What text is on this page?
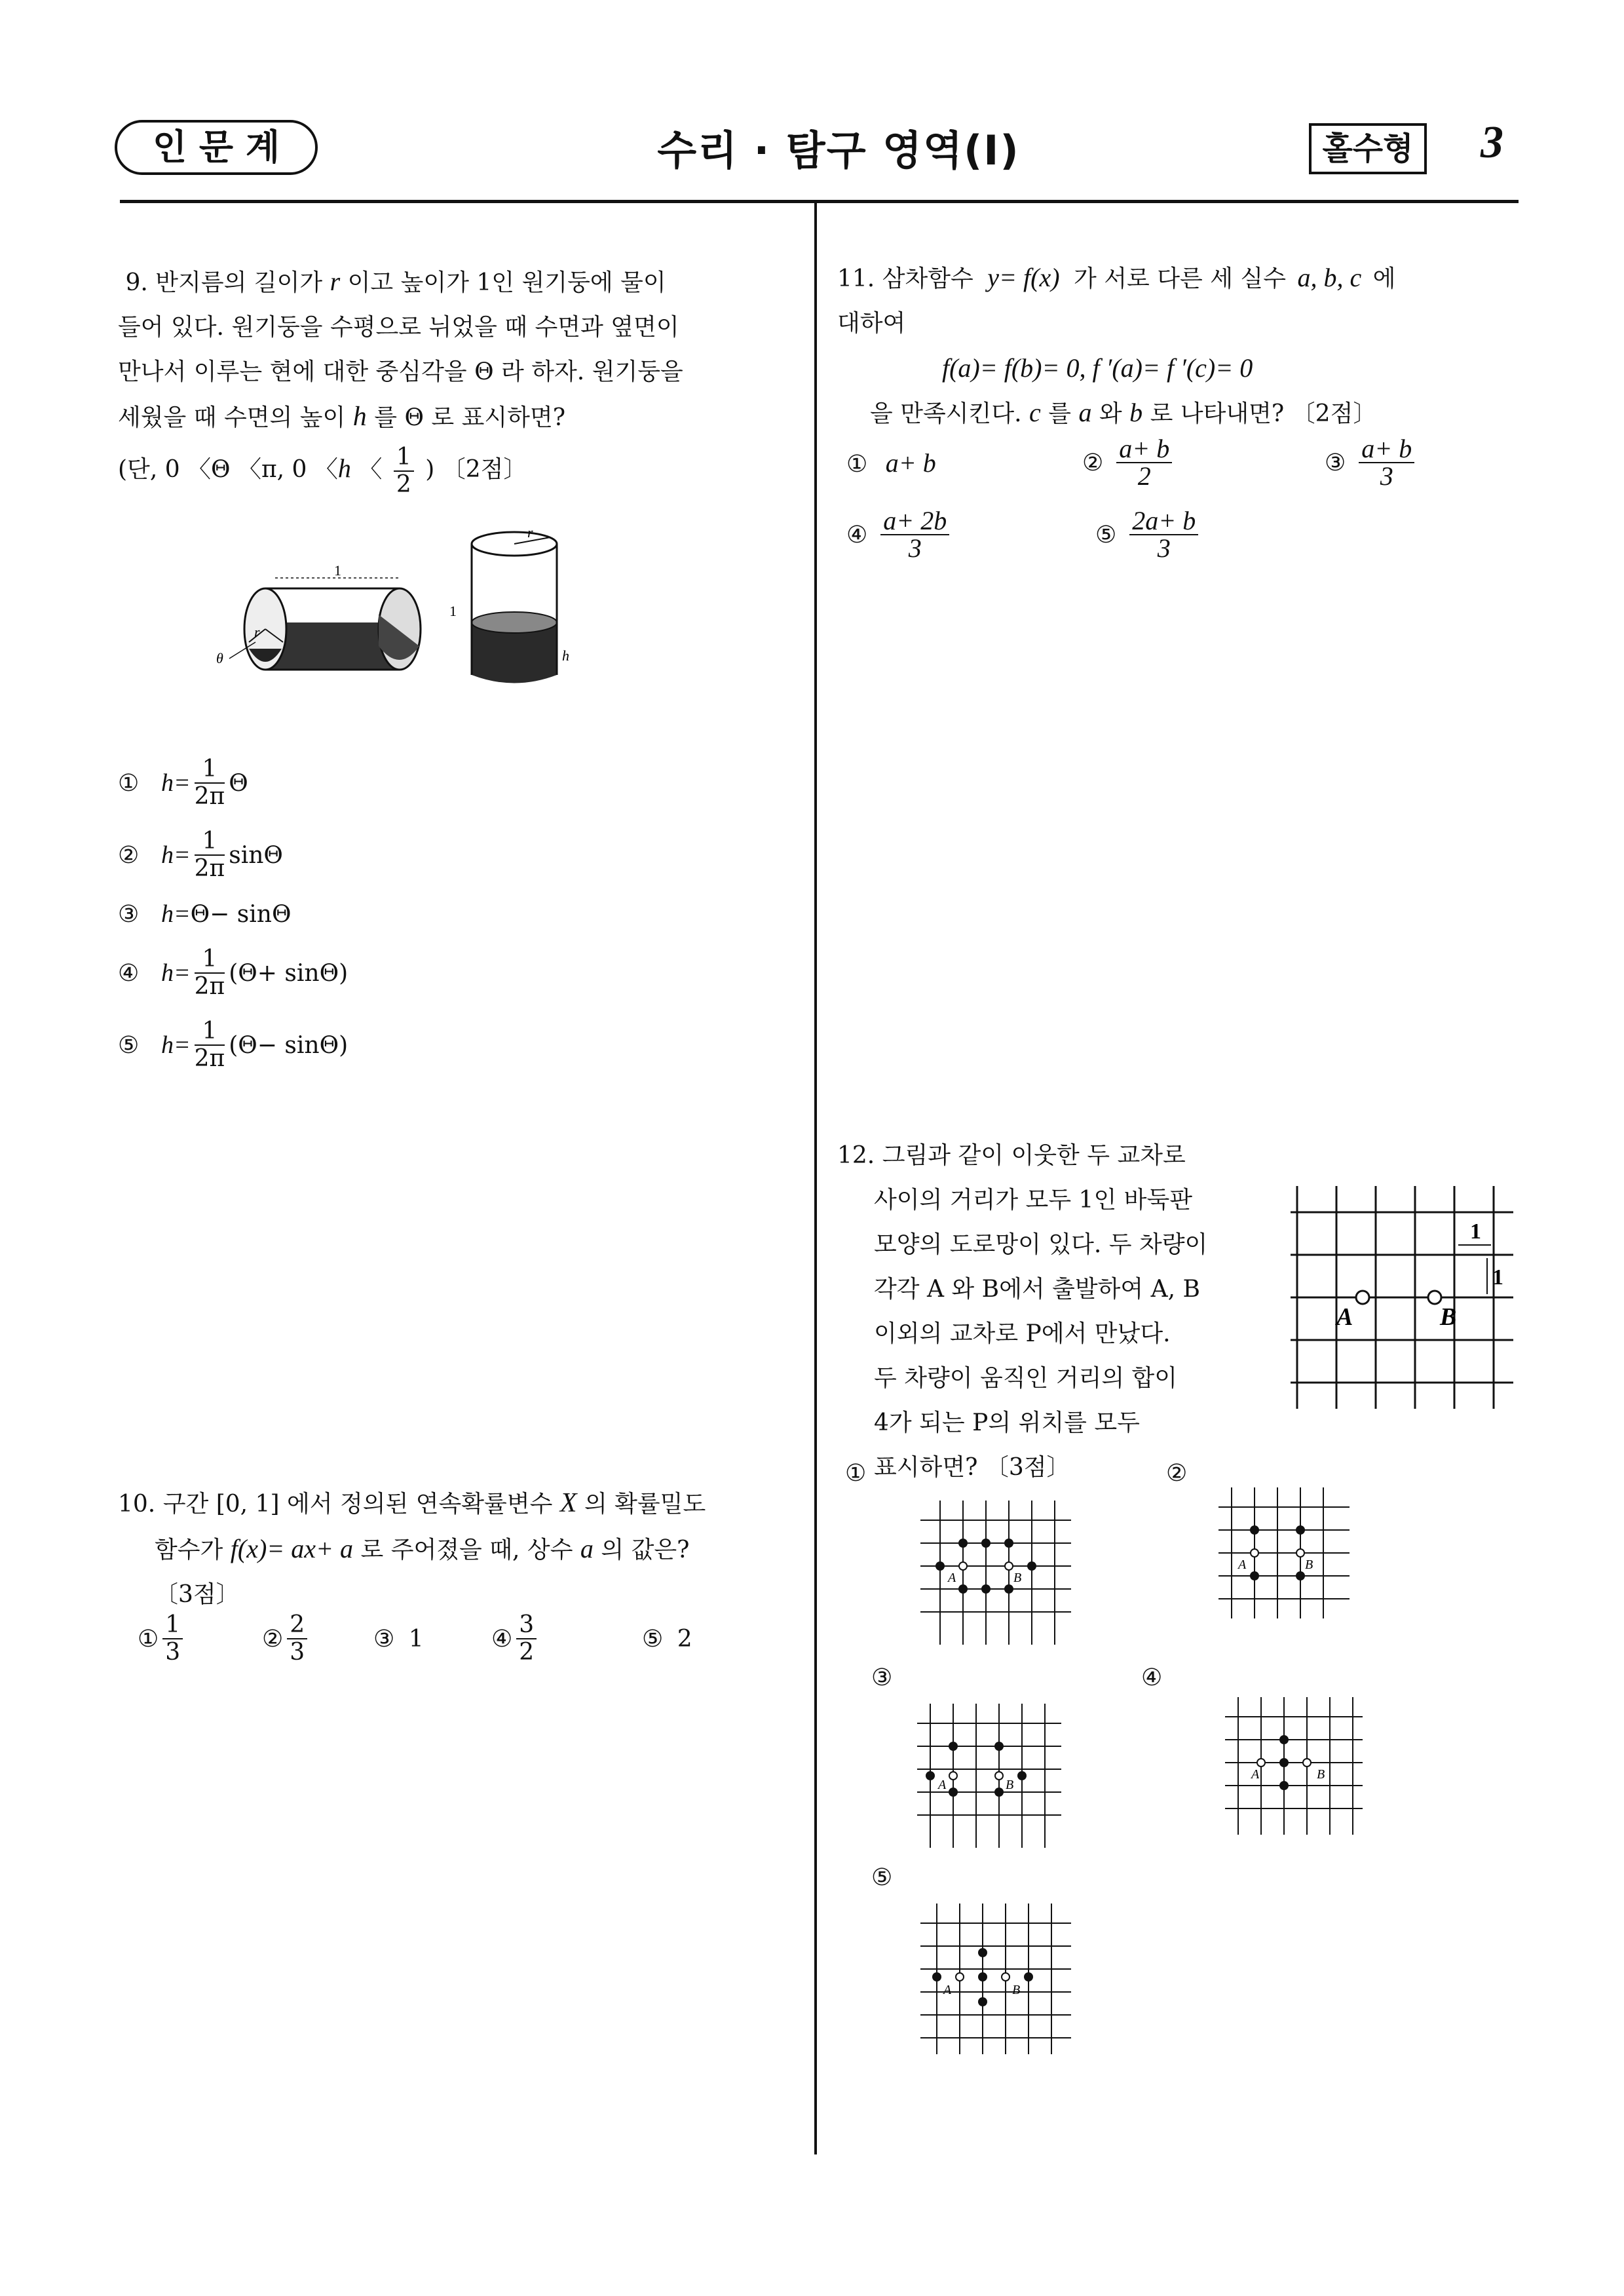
인 문 계	수리 · 탐구 영역(Ⅰ)	홀수형 3
9. 반지름의 길이가 r 이고 높이가 1인 원기둥에 물이
들어 있다. 원기둥을 수평으로 뉘었을 때 수면과 옆면이
만나서 이루는 현에 대한 중심각을 Θ 라 하자. 원기둥을
세웠을 때 수면의 높이 h 를 Θ 로 표시하면?
(단, 0 〈Θ 〈π, 0 〈h 〈 $\frac{1}{2}$ ) 〔2점〕
1
r
θ
r
1
h
① $h= \frac{1}{2\pi}$ Θ
② $h= \frac{1}{2\pi}$ sinΘ
③ h= Θ− sinΘ
④ $h= \frac{1}{2\pi} (\Theta+ \sin\Theta)$
⑤ $h= \frac{1}{2\pi} (\Theta- \sin\Theta)$
10. 구간 [0, 1] 에서 정의된 연속확률변수 X 의 확률밀도
함수가 f(x)= ax+ a 로 주어졌을 때, 상수 a 의 값은?
〔3점〕
① $\frac{1}{3}$	② $\frac{2}{3}$	③ 1	④ $\frac{3}{2}$	⑤ 2
11. 삼차함수 y= f(x) 가 서로 다른 세 실수 a, b, c 에
대하여
f(a)= f(b)= 0, f ′(a)= f ′(c)= 0
을 만족시킨다. c 를 a 와 b 로 나타내면? 〔2점〕
① a+ b	② $\frac{a+ b}{2}$	③ $\frac{a+ b}{3}$
④ $\frac{a+ 2b}{3}$	⑤ $\frac{2a+ b}{3}$
12. 그림과 같이 이웃한 두 교차로
사이의 거리가 모두 1인 바둑판
모양의 도로망이 있다. 두 차량이
각각 A 와 B에서 출발하여 A, B
이외의 교차로 P에서 만났다.
두 차량이 움직인 거리의 합이
4가 되는 P의 위치를 모두
표시하면? 〔3점〕
A	B
1
1
①
A	B
②
A	B
③
A	B
④
A	B
⑤
A	B
